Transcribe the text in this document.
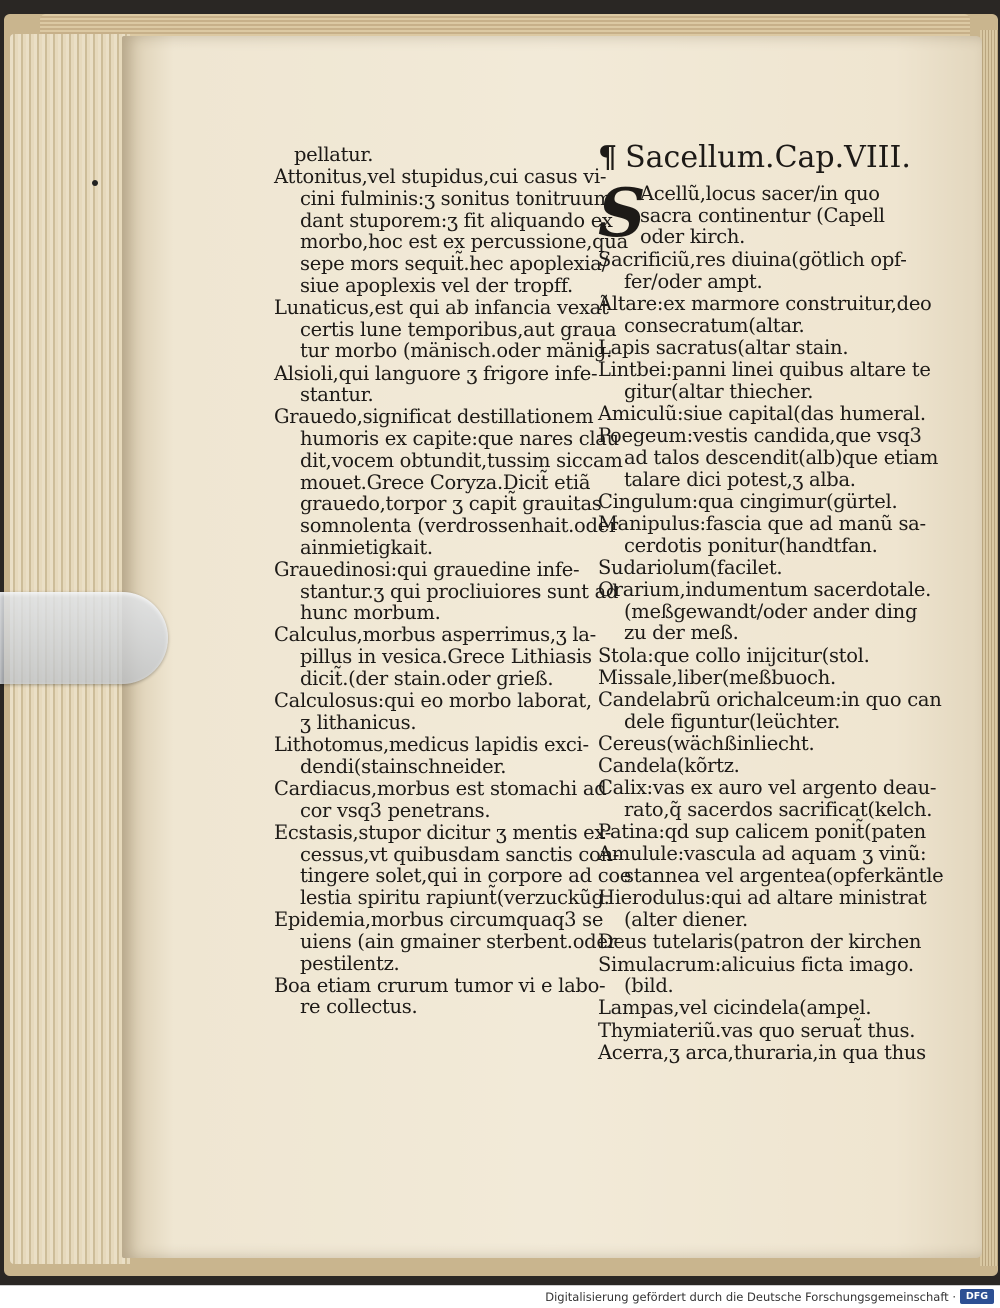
pellatur.
Attonitus,vel stupidus,cui casus vi-
cini fulminis:ʒ sonitus tonitruum
dant stuporem:ʒ fit aliquando ex
morbo,hoc est ex percussione,quã
sepe mors sequit̃.hec apoplexia/
siue apoplexis vel der tropff.
Lunaticus,est qui ab infancia vexat̃
certis lune temporibus,aut graua
tur morbo (mänisch.oder mänig.
Alsioli,qui languore ʒ frigore infe-
stantur.
Grauedo,significat destillationem
humoris ex capite:que nares clau
dit,vocem obtundit,tussim siccam
mouet.Grece Coryza.Dicit̃ etiã
grauedo,torpor ʒ capit̃ grauitas
somnolenta (verdrossenhait.oder
ainmietigkait.
Grauedinosi:qui grauedine infe-
stantur.ʒ qui procliuiores sunt ad
hunc morbum.
Calculus,morbus asperrimus,ʒ la-
pillus in vesica.Grece Lithiasis
dicit̃.(der stain.oder grieß.
Calculosus:qui eo morbo laborat,
ʒ lithanicus.
Lithotomus,medicus lapidis exci-
dendi(stainschneider.
Cardiacus,morbus est stomachi ad
cor vsq3 penetrans.
Ecstasis,stupor dicitur ʒ mentis ex-
cessus,vt quibusdam sanctis con-
tingere solet,qui in corpore ad coe
lestia spiritu rapiunt̃(verzuckũg.
Epidemia,morbus circumquaq3 se
uiens (ain gmainer sterbent.oder
pestilentz.
Boa etiam crurum tumor vi e labo-
re collectus.
¶ Sacellum.Cap.VIII.
S
Acellũ,locus sacer/in quo
sacra continentur (Capell
oder kirch.
Sacrificiũ,res diuina(götlich opf-
fer/oder ampt.
Altare:ex marmore construitur,deo
consecratum(altar.
Lapis sacratus(altar stain.
Lintbei:panni linei quibus altare te
gitur(altar thiecher.
Amiculũ:siue capital(das humeral.
Poegeum:vestis candida,que vsq3
ad talos descendit(alb)que etiam
talare dici potest,ʒ alba.
Cingulum:qua cingimur(gürtel.
Manipulus:fascia que ad manũ sa-
cerdotis ponitur(handtfan.
Sudariolum(facilet.
Orarium,indumentum sacerdotale.
(meßgewandt/oder ander ding
zu der meß.
Stola:que collo inijcitur(stol.
Missale,liber(meßbuoch.
Candelabrũ orichalceum:in quo can
dele figuntur(leüchter.
Cereus(wächßinliecht.
Candela(kõrtz.
Calix:vas ex auro vel argento deau-
rato,q̃ sacerdos sacrificat(kelch.
Patina:qd sup calicem ponit̃(paten
Amulule:vascula ad aquam ʒ vinũ:
stannea vel argentea(opferkäntle
Hierodulus:qui ad altare ministrat
(alter diener.
Deus tutelaris(patron der kirchen
Simulacrum:alicuius ficta imago.
(bild.
Lampas,vel cicindela(ampel.
Thymiateriũ.vas quo seruat̃ thus.
Acerra,ʒ arca,thuraria,in qua thus
Digitalisierung gefördert durch die Deutsche Forschungsgemeinschaft ·	DFG
